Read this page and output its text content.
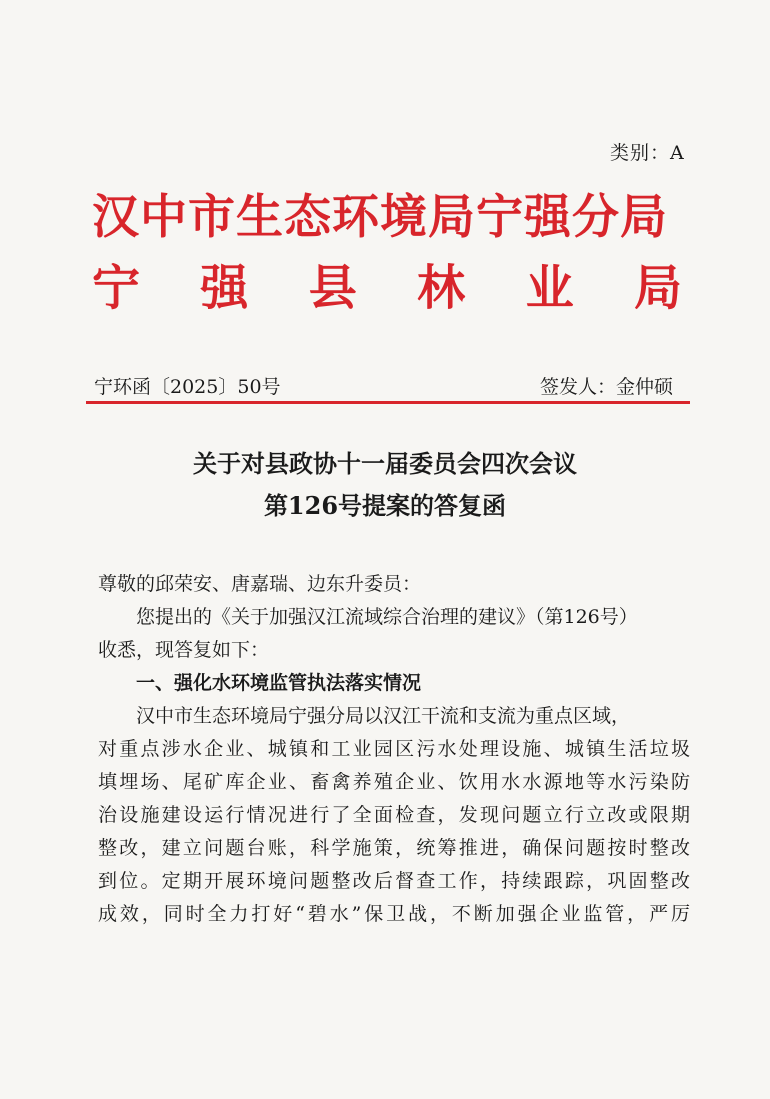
类别：A
汉中市生态环境局宁强分局
宁 强 县 林 业 局
宁环函〔2025〕50号	签发人：金仲硕
关于对县政协十一届委员会四次会议
第126号提案的答复函

尊敬的邱荣安、唐嘉瑞、边东升委员：

您提出的《关于加强汉江流域综合治理的建议》（第126号）

收悉，现答复如下：

一、强化水环境监管执法落实情况

汉中市生态环境局宁强分局以汉江干流和支流为重点区域，

对重点涉水企业、城镇和工业园区污水处理设施、城镇生活垃圾

填埋场、尾矿库企业、畜禽养殖企业、饮用水水源地等水污染防

治设施建设运行情况进行了全面检查，发现问题立行立改或限期

整改，建立问题台账，科学施策，统筹推进，确保问题按时整改

到位。定期开展环境问题整改后督查工作，持续跟踪，巩固整改

成效，同时全力打好“碧水”保卫战，不断加强企业监管，严厉
